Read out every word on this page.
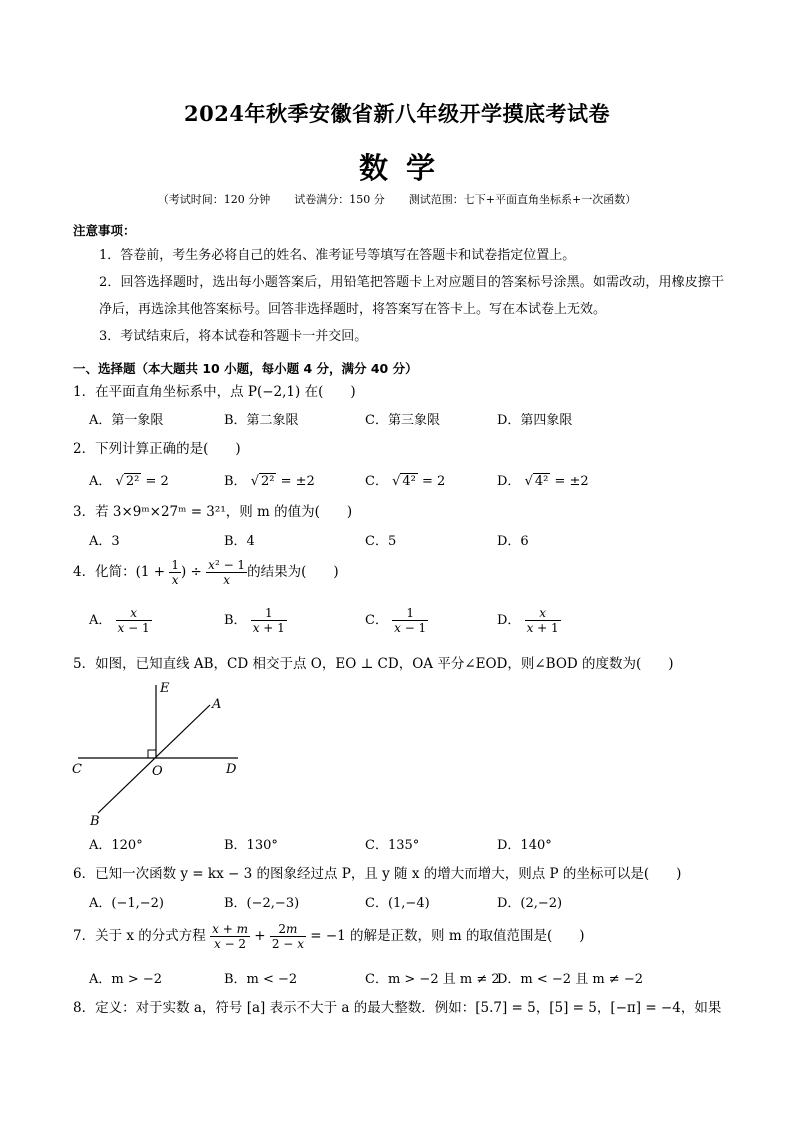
2024年秋季安徽省新八年级开学摸底考试卷
数学
（考试时间：120 分钟 试卷满分：150 分 测试范围：七下+平面直角坐标系+一次函数）
注意事项：
1．答卷前，考生务必将自己的姓名、准考证号等填写在答题卡和试卷指定位置上。
2．回答选择题时，选出每小题答案后，用铅笔把答题卡上对应题目的答案标号涂黑。如需改动，用橡皮擦干净后，再选涂其他答案标号。回答非选择题时，将答案写在答卡上。写在本试卷上无效。
3．考试结束后，将本试卷和答题卡一并交回。
一、选择题（本大题共 10 小题，每小题 4 分，满分 40 分）
1．在平面直角坐标系中，点 P(−2,1) 在(　　)
A．第一象限	B．第二象限	C．第三象限	D．第四象限
2．下列计算正确的是(　　)
A． √ 2² = 2	B． √ 2² = ±2	C． √ 4² = 2	D． √ 4² = ±2
3．若 3×9ᵐ×27ᵐ = 3²¹，则 m 的值为(　　)
A．3	B．4	C．5	D．6
4．化简：($1 + \frac{1}{x}$ ) ÷ $\frac{\text{x² − 1}}{x}$ 的结果为(　　)
A． $\frac{x}{x - 1}$	B． $\frac{1}{x + 1}$	C． $\frac{1}{x - 1}$	D． $\frac{x}{x + 1}$
5．如图，已知直线 AB，CD 相交于点 O，EO ⊥ CD，OA 平分∠EOD，则∠BOD 的度数为(　　)
E
A
C	O	D
B
A．120°	B．130°	C．135°	D．140°
6．已知一次函数 y = kx − 3 的图象经过点 P，且 y 随 x 的增大而增大，则点 P 的坐标可以是(　　)
A．(−1,−2)	B．(−2,−3)	C．(1,−4)	D．(2,−2)
7．关于 x 的分式方程 $\frac{x + m}{x - 2} + \frac{2m}{2 - x} = -1$ 的解是正数，则 m 的取值范围是(　　)
A．m > −2	B．m < −2	C．m > −2 且 m ≠ 2
D．m < −2 且 m ≠ −2
8．定义：对于实数 a，符号 [a] 表示不大于 a 的最大整数．例如：[5.7] = 5，[5] = 5，[−π] = −4，如果
